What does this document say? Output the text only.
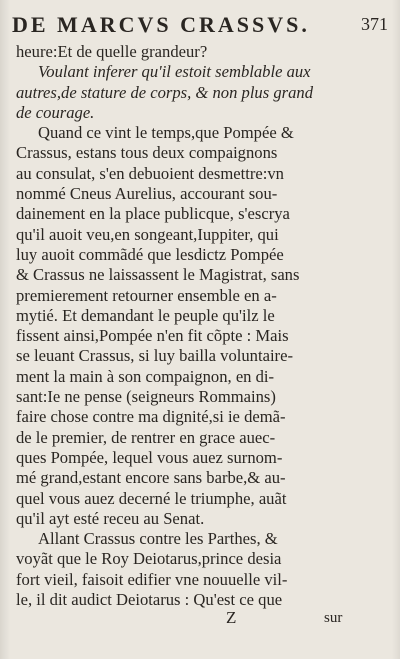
DE MARCVS CRASSVS.	371
heure:Et de quelle grandeur?
Voulant inferer qu'il estoit semblable aux
autres,de stature de corps, & non plus grand
de courage.
Quand ce vint le temps,que Pompée &
Crassus, estans tous deux compaignons
au consulat, s'en debuoient desmettre:vn
nommé Cneus Aurelius, accourant sou-
dainement en la place publicque, s'escrya
qu'il auoit veu,en songeant,Iuppiter, qui
luy auoit commãdé que lesdictz Pompée
& Crassus ne laissassent le Magistrat, sans
premierement retourner ensemble en a-
mytié. Et demandant le peuple qu'ilz le
fissent ainsi,Pompée n'en fit cõpte : Mais
se leuant Crassus, si luy bailla voluntaire-
ment la main à son compaignon, en di-
sant:Ie ne pense (seigneurs Rommains)
faire chose contre ma dignité,si ie demã-
de le premier, de rentrer en grace auec-
ques Pompée, lequel vous auez surnom-
mé grand,estant encore sans barbe,& au-
quel vous auez decerné le triumphe, auãt
qu'il ayt esté receu au Senat.
Allant Crassus contre les Parthes, &
voyãt que le Roy Deiotarus,prince desia
fort vieil, faisoit edifier vne nouuelle vil-
le, il dit audict Deiotarus : Qu'est ce que
Z	sur
